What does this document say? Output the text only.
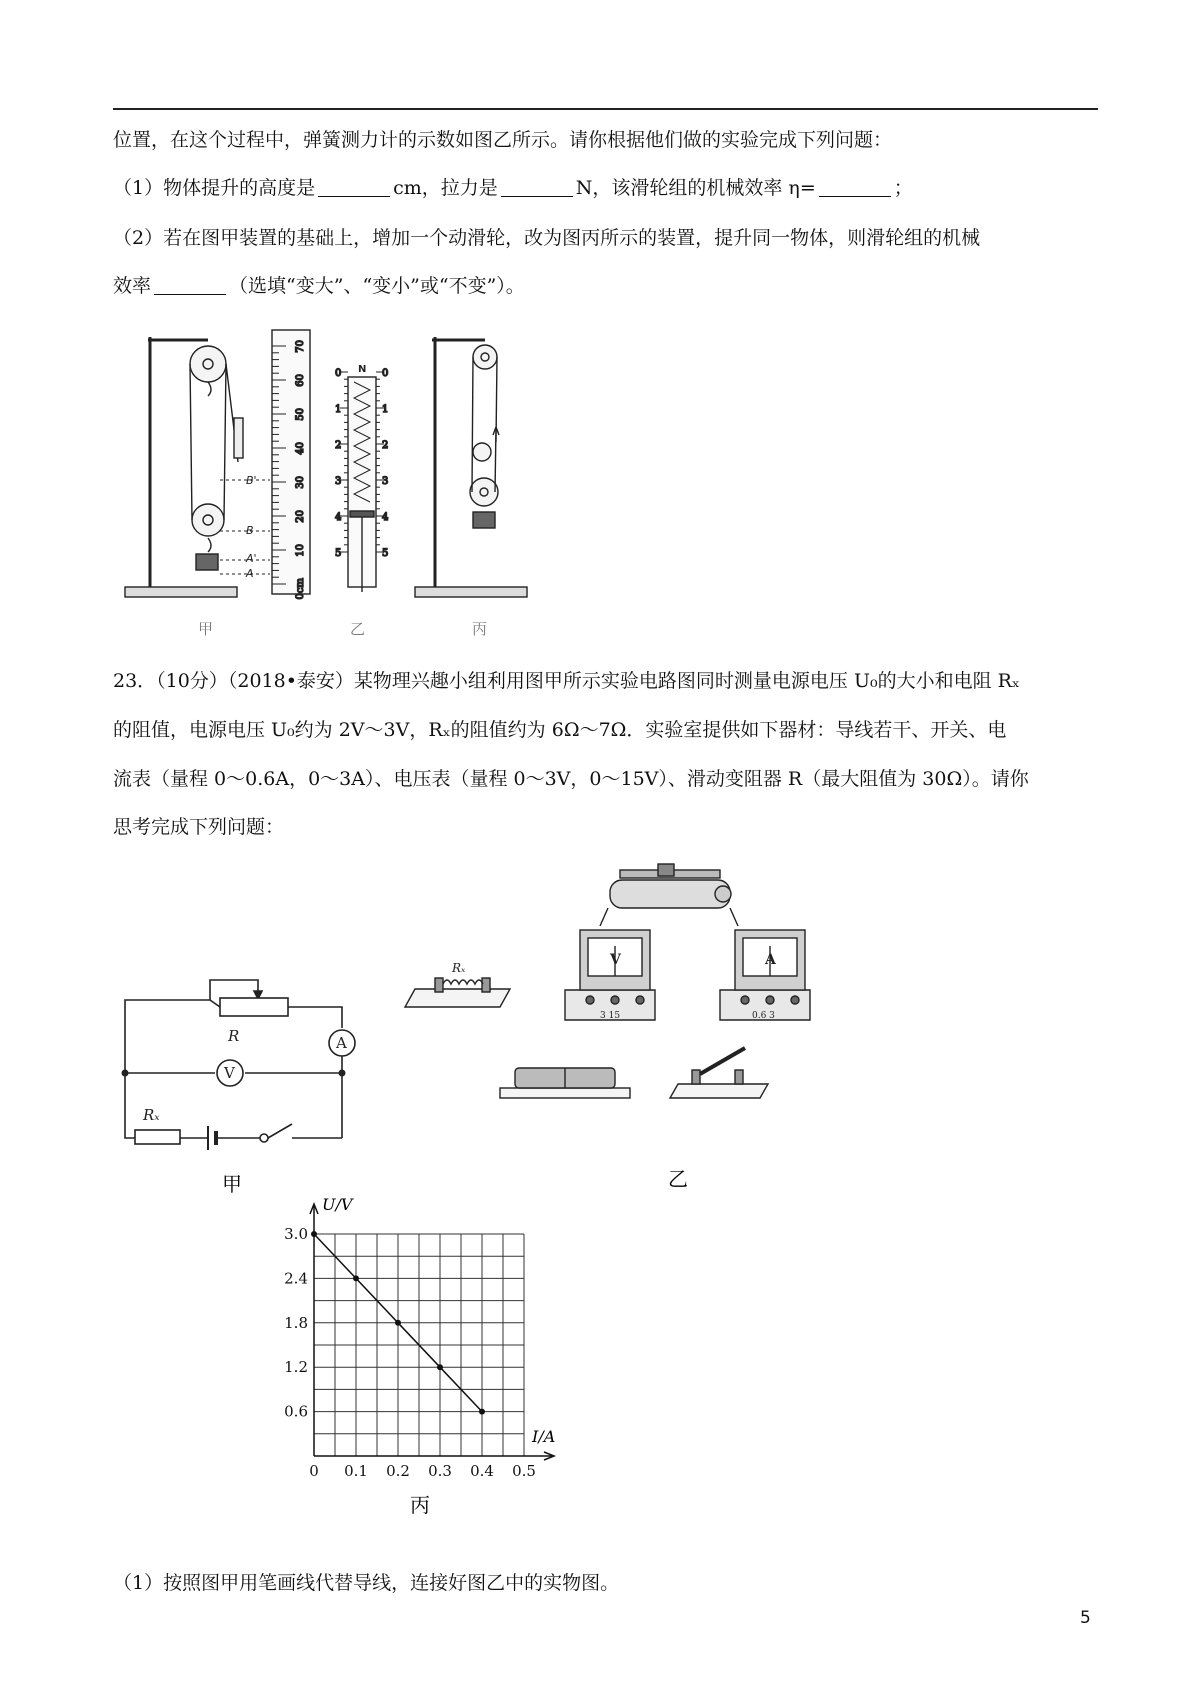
位置，在这个过程中，弹簧测力计的示数如图乙所示。请你根据他们做的实验完成下列问题：
（1）物体提升的高度是	cm，拉力是	N，该滑轮组的机械效率 η=	；
（2）若在图甲装置的基础上，增加一个动滑轮，改为图丙所示的装置，提升同一物体，则滑轮组的机械
效率	（选填“变大”、“变小”或“不变”）。
0cm
10
20
30
40
50
60
70
0	0
1	1
2	2
3	3
4	4
5	5
B'
B
A'
A
N
甲	乙	丙
23．（10分）（2018•泰安）某物理兴趣小组利用图甲所示实验电路图同时测量电源电压 U₀的大小和电阻 Rₓ
的阻值，电源电压 U₀约为 2V～3V，Rₓ的阻值约为 6Ω～7Ω．实验室提供如下器材：导线若干、开关、电
流表（量程 0～0.6A，0～3A）、电压表（量程 0～3V，0～15V）、滑动变阻器 R（最大阻值为 30Ω）。请你
思考完成下列问题：
R
Rₓ
V
A
甲
Rₓ	V	A
3 15	0.6 3
乙
0 0.1 0.2 0.3 0.4 0.5
0.6
1.2
1.8
2.4
3.0
U/V
I/A
丙
（1）按照图甲用笔画线代替导线，连接好图乙中的实物图。
5
